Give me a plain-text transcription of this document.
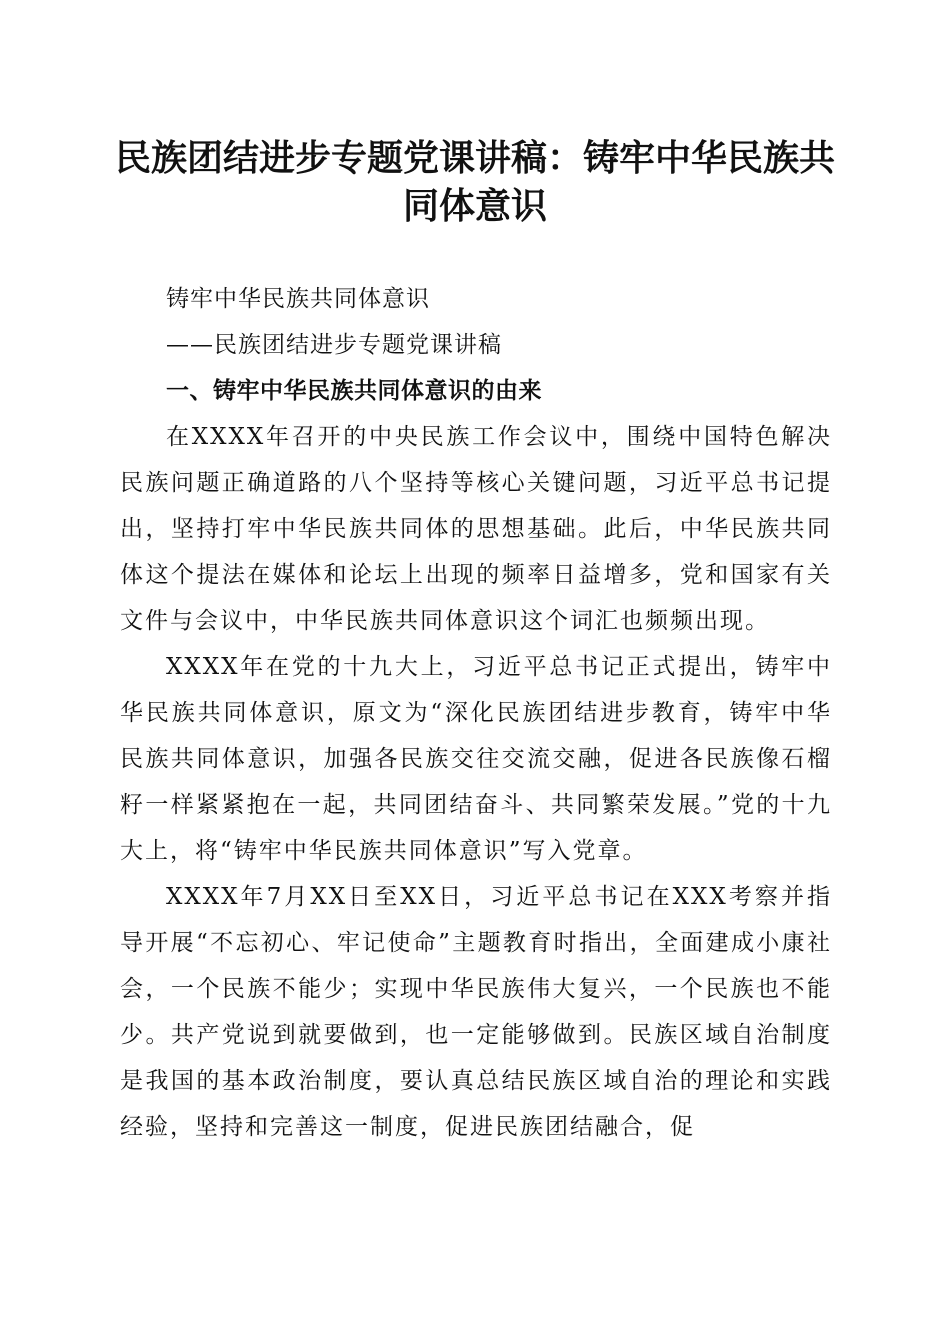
民族团结进步专题党课讲稿：铸牢中华民族共
同体意识

铸牢中华民族共同体意识

——民族团结进步专题党课讲稿

一、铸牢中华民族共同体意识的由来

在XXXX年召开的中央民族工作会议中，围绕中国特色解决民族问题正确道路的八个坚持等核心关键问题，习近平总书记提出，坚持打牢中华民族共同体的思想基础。此后，中华民族共同体这个提法在媒体和论坛上出现的频率日益增多，党和国家有关文件与会议中，中华民族共同体意识这个词汇也频频出现。

XXXX年在党的十九大上，习近平总书记正式提出，铸牢中华民族共同体意识，原文为“深化民族团结进步教育，铸牢中华民族共同体意识，加强各民族交往交流交融，促进各民族像石榴籽一样紧紧抱在一起，共同团结奋斗、共同繁荣发展。”党的十九大上，将“铸牢中华民族共同体意识”写入党章。

XXXX年7月XX日至XX日，习近平总书记在XXX考察并指导开展“不忘初心、牢记使命”主题教育时指出，全面建成小康社会，一个民族不能少；实现中华民族伟大复兴，一个民族也不能少。共产党说到就要做到，也一定能够做到。民族区域自治制度是我国的基本政治制度，要认真总结民族区域自治的理论和实践经验，坚持和完善这一制度，促进民族团结融合，促
